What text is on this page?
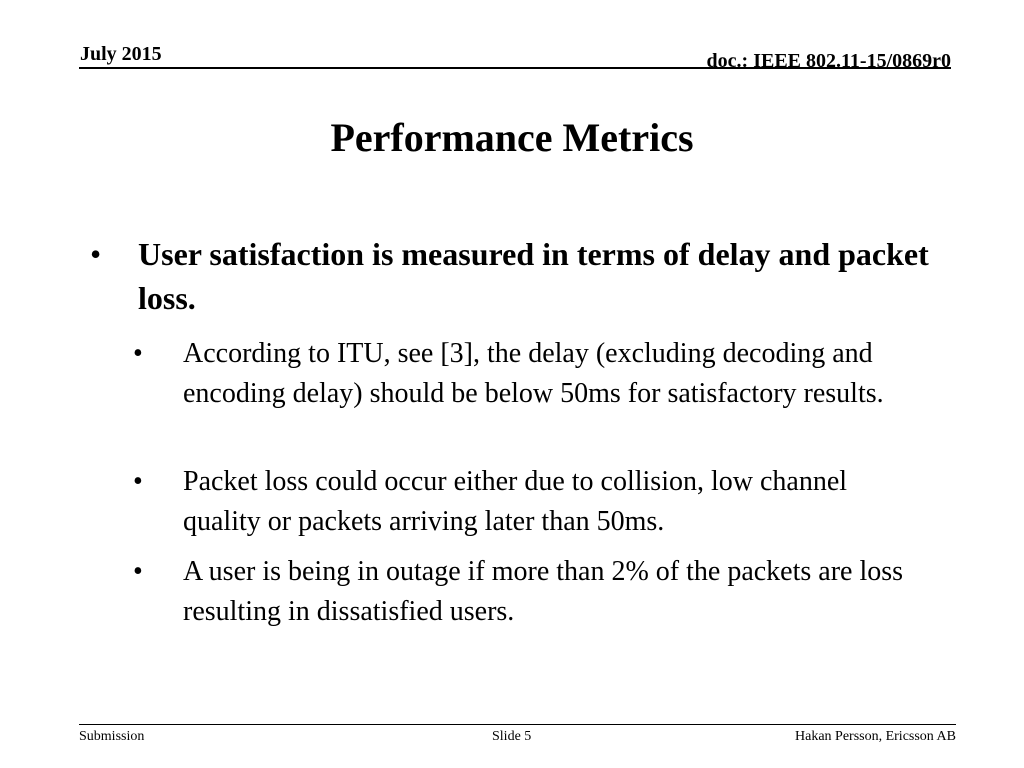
July 2015	doc.: IEEE 802.11-15/0869r0
Performance Metrics
• User satisfaction is measured in terms of delay and packet loss.
• According to ITU, see [3], the delay (excluding decoding and encoding delay) should be below 50ms for satisfactory results.
• Packet loss could occur either due to collision, low channel quality or packets arriving later than 50ms.
• A user is being in outage if more than 2% of the packets are loss resulting in dissatisfied users.
Submission	Slide 5	Hakan Persson, Ericsson AB
